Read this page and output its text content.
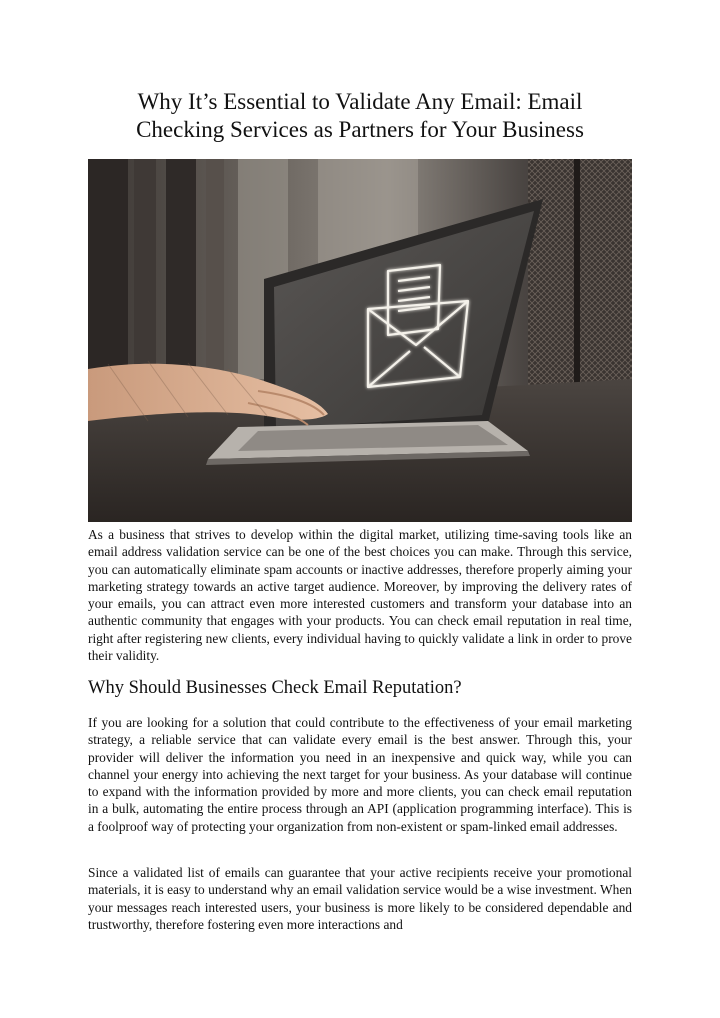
Why It’s Essential to Validate Any Email: Email
Checking Services as Partners for Your Business

As a business that strives to develop within the digital market, utilizing time-saving tools like an email address validation service can be one of the best choices you can make. Through this service, you can automatically eliminate spam accounts or inactive addresses, therefore properly aiming your marketing strategy towards an active target audience. Moreover, by improving the delivery rates of your emails, you can attract even more interested customers and transform your database into an authentic community that engages with your products. You can check email reputation in real time, right after registering new clients, every individual having to quickly validate a link in order to prove their validity.

Why Should Businesses Check Email Reputation?

If you are looking for a solution that could contribute to the effectiveness of your email marketing strategy, a reliable service that can validate every email is the best answer. Through this, your provider will deliver the information you need in an inexpensive and quick way, while you can channel your energy into achieving the next target for your business. As your database will continue to expand with the information provided by more and more clients, you can check email reputation in a bulk, automating the entire process through an API (application programming interface). This is a foolproof way of protecting your organization from non-existent or spam-linked email addresses.

Since a validated list of emails can guarantee that your active recipients receive your promotional materials, it is easy to understand why an email validation service would be a wise investment. When your messages reach interested users, your business is more likely to be considered dependable and trustworthy, therefore fostering even more interactions and
